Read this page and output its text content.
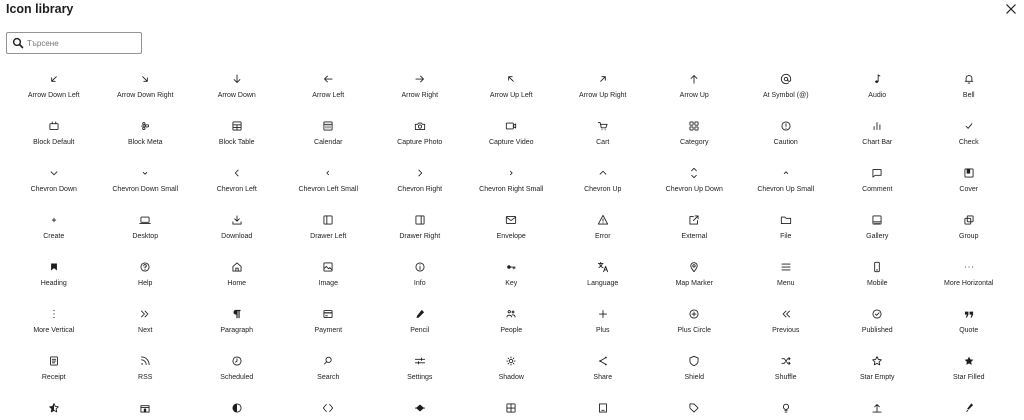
Icon library
Търсене
Arrow Down Left	Arrow Down Right	Arrow Down	Arrow Left	Arrow Right	Arrow Up Left	Arrow Up Right	Arrow Up	At Symbol (@)	Audio	Bell
Block Default	Block Meta	Block Table	Calendar	Capture Photo	Capture Video	Cart	Category	Caution	Chart Bar	Check
Chevron Down	Chevron Down Small	Chevron Left	Chevron Left Small	Chevron Right	Chevron Right Small	Chevron Up	Chevron Up Down	Chevron Up Small	Comment	Cover
Create	Desktop	Download	Drawer Left	Drawer Right	Envelope	Error	External	File	Gallery	Group
Heading	Help	Home	Image	Info	Key	Language	Map Marker	Menu	Mobile	More Horizontal
More Vertical	Next	Paragraph	Payment	Pencil	People	Plus	Plus Circle	Previous	Published	Quote
Receipt	RSS	Scheduled	Search	Settings	Shadow	Share	Shield	Shuffle	Star Empty	Star Filled
